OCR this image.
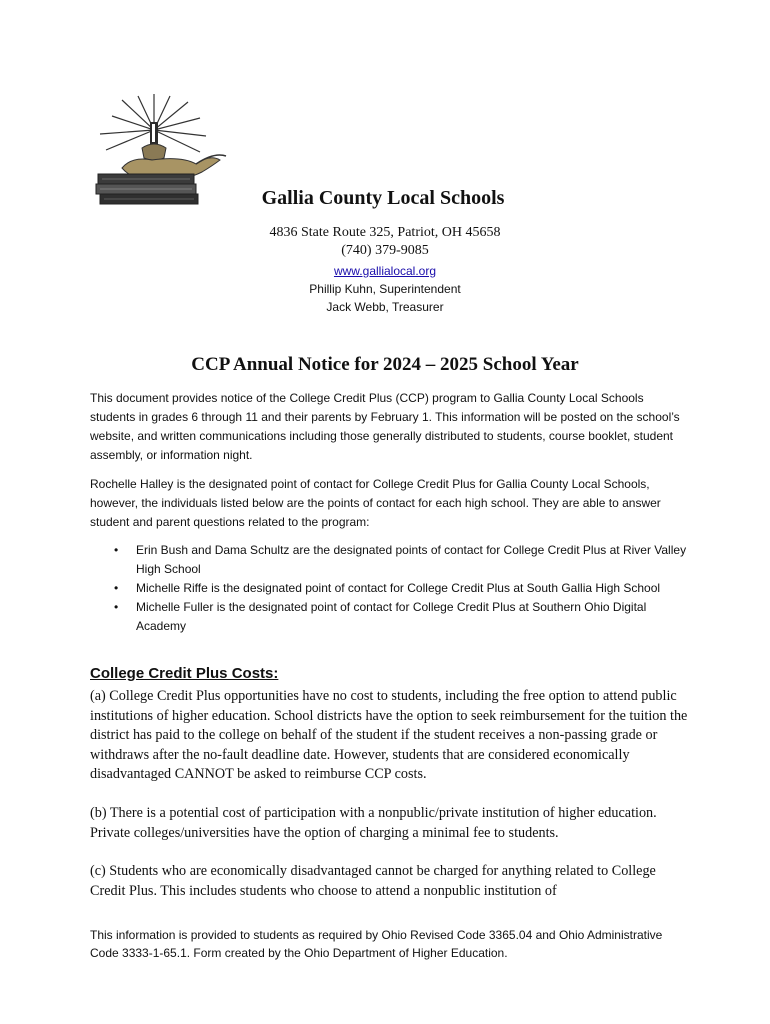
Gallia County Local Schools
4836 State Route 325, Patriot, OH 45658
(740) 379-9085
www.gallialocal.org
Phillip Kuhn, Superintendent
Jack Webb, Treasurer
CCP Annual Notice for 2024 – 2025 School Year

This document provides notice of the College Credit Plus (CCP) program to Gallia County Local Schools students in grades 6 through 11 and their parents by February 1. This information will be posted on the school’s website, and written communications including those generally distributed to students, course booklet, student assembly, or information night.

Rochelle Halley is the designated point of contact for College Credit Plus for Gallia County Local Schools, however, the individuals listed below are the points of contact for each high school. They are able to answer student and parent questions related to the program:

• Erin Bush and Dama Schultz are the designated points of contact for College Credit Plus at River Valley High School
• Michelle Riffe is the designated point of contact for College Credit Plus at South Gallia High School
• Michelle Fuller is the designated point of contact for College Credit Plus at Southern Ohio Digital Academy
College Credit Plus Costs:

(a) College Credit Plus opportunities have no cost to students, including the free option to attend public institutions of higher education. School districts have the option to seek reimbursement for the tuition the district has paid to the college on behalf of the student if the student receives a non-passing grade or withdraws after the no-fault deadline date. However, students that are considered economically disadvantaged CANNOT be asked to reimburse CCP costs.

(b) There is a potential cost of participation with a nonpublic/private institution of higher education. Private colleges/universities have the option of charging a minimal fee to students.

(c) Students who are economically disadvantaged cannot be charged for anything related to College Credit Plus. This includes students who choose to attend a nonpublic institution of

This information is provided to students as required by Ohio Revised Code 3365.04 and Ohio Administrative Code 3333-1-65.1. Form created by the Ohio Department of Higher Education.
